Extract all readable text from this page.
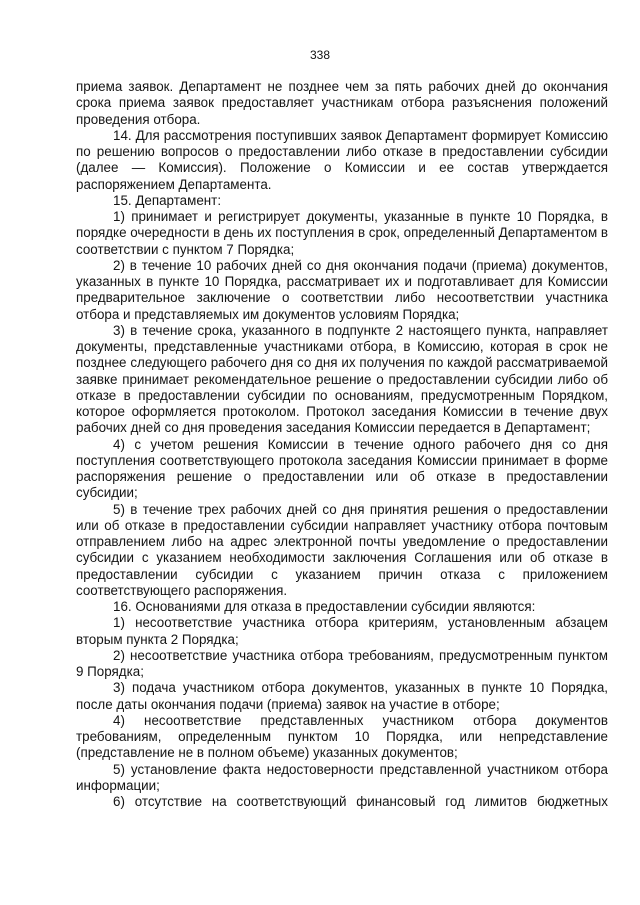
338

приема заявок. Департамент не позднее чем за пять рабочих дней до окончания срока приема заявок предоставляет участникам отбора разъяснения положений проведения отбора.

14. Для рассмотрения поступивших заявок Департамент формирует Комиссию по решению вопросов о предоставлении либо отказе в предоставлении субсидии (далее — Комиссия). Положение о Комиссии и ее состав утверждается распоряжением Департамента.

15. Департамент:

1) принимает и регистрирует документы, указанные в пункте 10 Порядка, в порядке очередности в день их поступления в срок, определенный Департаментом в соответствии с пунктом 7 Порядка;

2) в течение 10 рабочих дней со дня окончания подачи (приема) документов, указанных в пункте 10 Порядка, рассматривает их и подготавливает для Комиссии предварительное заключение о соответствии либо несоответствии участника отбора и представляемых им документов условиям Порядка;

3) в течение срока, указанного в подпункте 2 настоящего пункта, направляет документы, представленные участниками отбора, в Комиссию, которая в срок не позднее следующего рабочего дня со дня их получения по каждой рассматриваемой заявке принимает рекомендательное решение о предоставлении субсидии либо об отказе в предоставлении субсидии по основаниям, предусмотренным Порядком, которое оформляется протоколом. Протокол заседания Комиссии в течение двух рабочих дней со дня проведения заседания Комиссии передается в Департамент;

4) с учетом решения Комиссии в течение одного рабочего дня со дня поступления соответствующего протокола заседания Комиссии принимает в форме распоряжения решение о предоставлении или об отказе в предоставлении субсидии;

5) в течение трех рабочих дней со дня принятия решения о предоставлении или об отказе в предоставлении субсидии направляет участнику отбора почтовым отправлением либо на адрес электронной почты уведомление о предоставлении субсидии с указанием необходимости заключения Соглашения или об отказе в предоставлении субсидии с указанием причин отказа с приложением соответствующего распоряжения.

16. Основаниями для отказа в предоставлении субсидии являются:

1) несоответствие участника отбора критериям, установленным абзацем вторым пункта 2 Порядка;

2) несоответствие участника отбора требованиям, предусмотренным пунктом 9 Порядка;

3) подача участником отбора документов, указанных в пункте 10 Порядка, после даты окончания подачи (приема) заявок на участие в отборе;

4) несоответствие представленных участником отбора документов требованиям, определенным пунктом 10 Порядка, или непредставление (представление не в полном объеме) указанных документов;

5) установление факта недостоверности представленной участником отбора информации;

6) отсутствие на соответствующий финансовый год лимитов бюджетных
